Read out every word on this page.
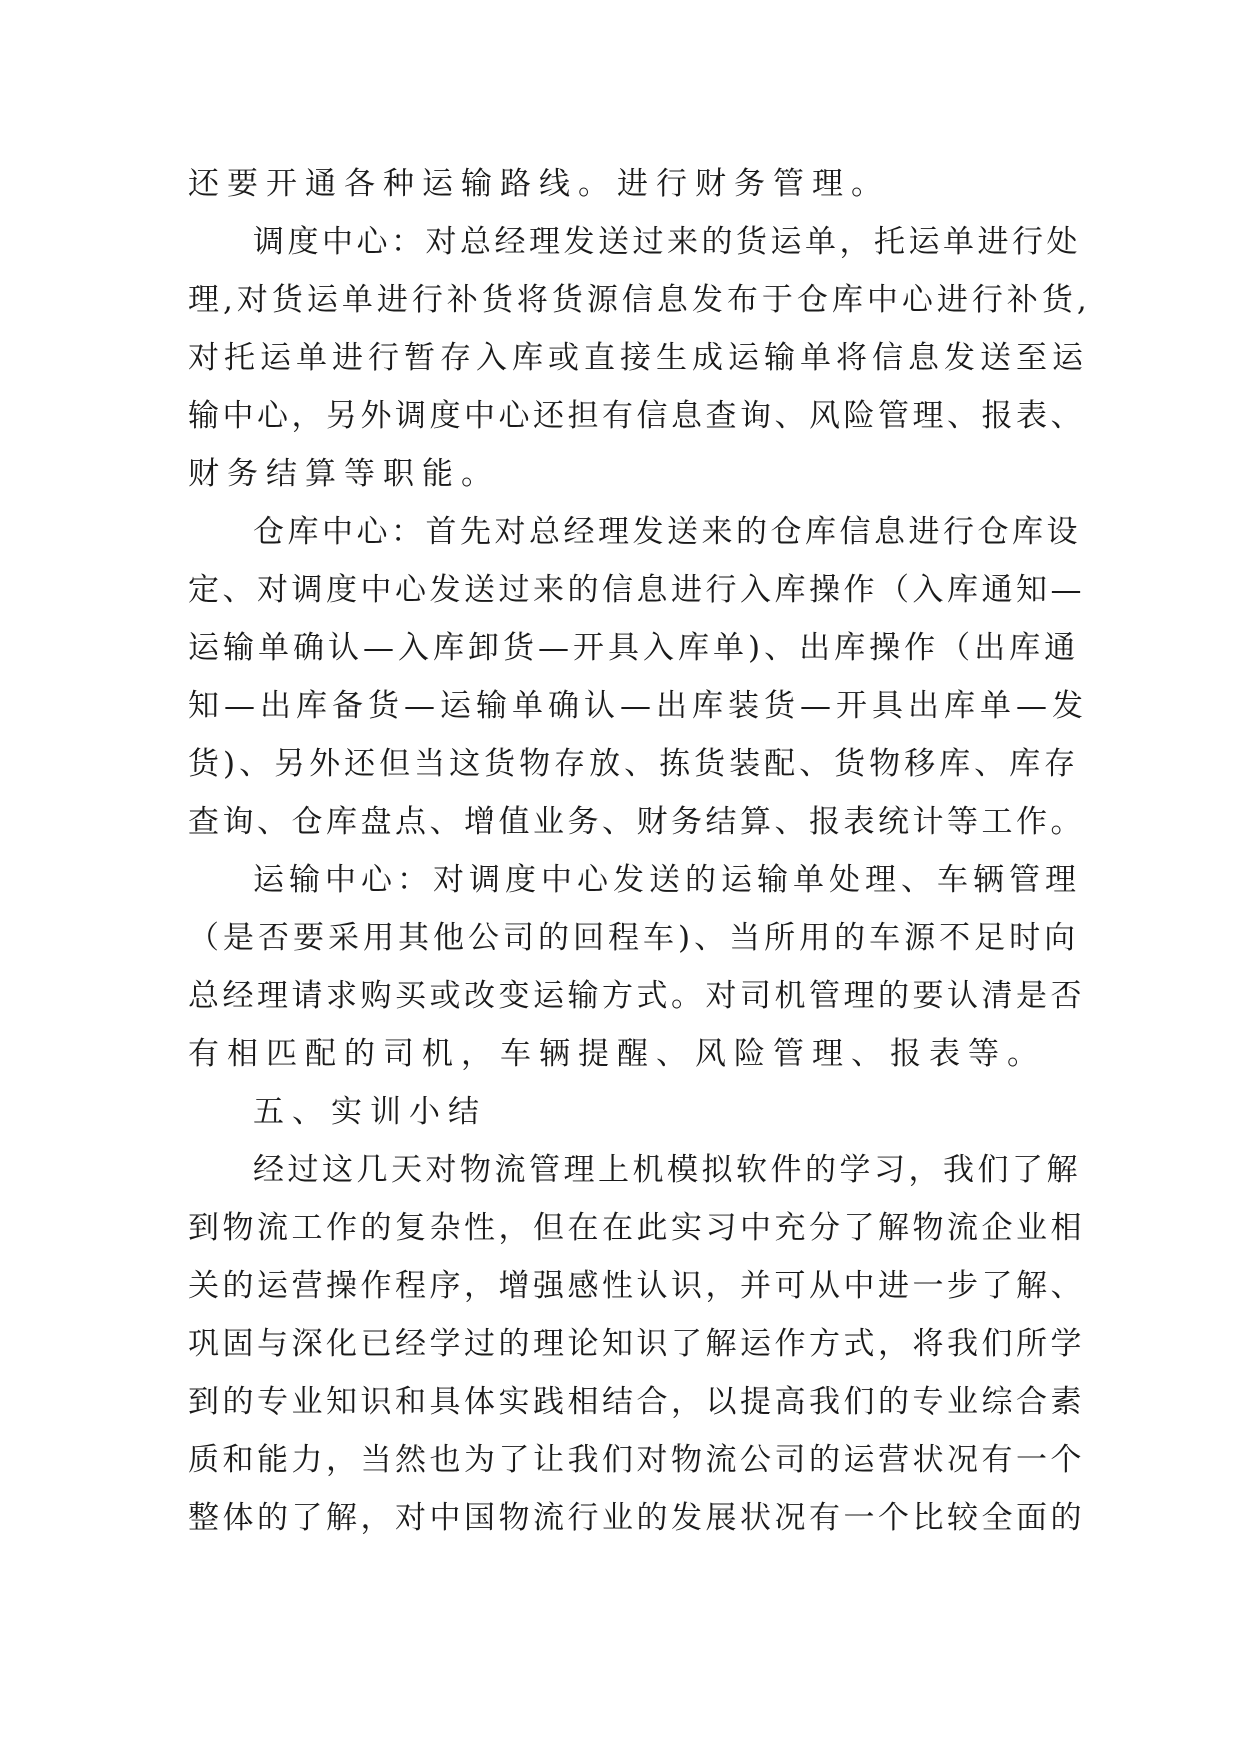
还要开通各种运输路线。进行财务管理。

调度中心：对总经理发送过来的货运单，托运单进行处

理,对货运单进行补货将货源信息发布于仓库中心进行补货,

对托运单进行暂存入库或直接生成运输单将信息发送至运

输中心，另外调度中心还担有信息查询、风险管理、报表、

财务结算等职能。

仓库中心：首先对总经理发送来的仓库信息进行仓库设

定、对调度中心发送过来的信息进行入库操作（入库通知—

运输单确认—入库卸货—开具入库单)、出库操作（出库通

知—出库备货—运输单确认—出库装货—开具出库单—发

货)、另外还但当这货物存放、拣货装配、货物移库、库存

查询、仓库盘点、增值业务、财务结算、报表统计等工作。

运输中心：对调度中心发送的运输单处理、车辆管理

（是否要采用其他公司的回程车)、当所用的车源不足时向

总经理请求购买或改变运输方式。对司机管理的要认清是否

有相匹配的司机，车辆提醒、风险管理、报表等。

五、实训小结

经过这几天对物流管理上机模拟软件的学习，我们了解

到物流工作的复杂性，但在在此实习中充分了解物流企业相

关的运营操作程序，增强感性认识，并可从中进一步了解、

巩固与深化已经学过的理论知识了解运作方式，将我们所学

到的专业知识和具体实践相结合，以提高我们的专业综合素

质和能力，当然也为了让我们对物流公司的运营状况有一个

整体的了解，对中国物流行业的发展状况有一个比较全面的
